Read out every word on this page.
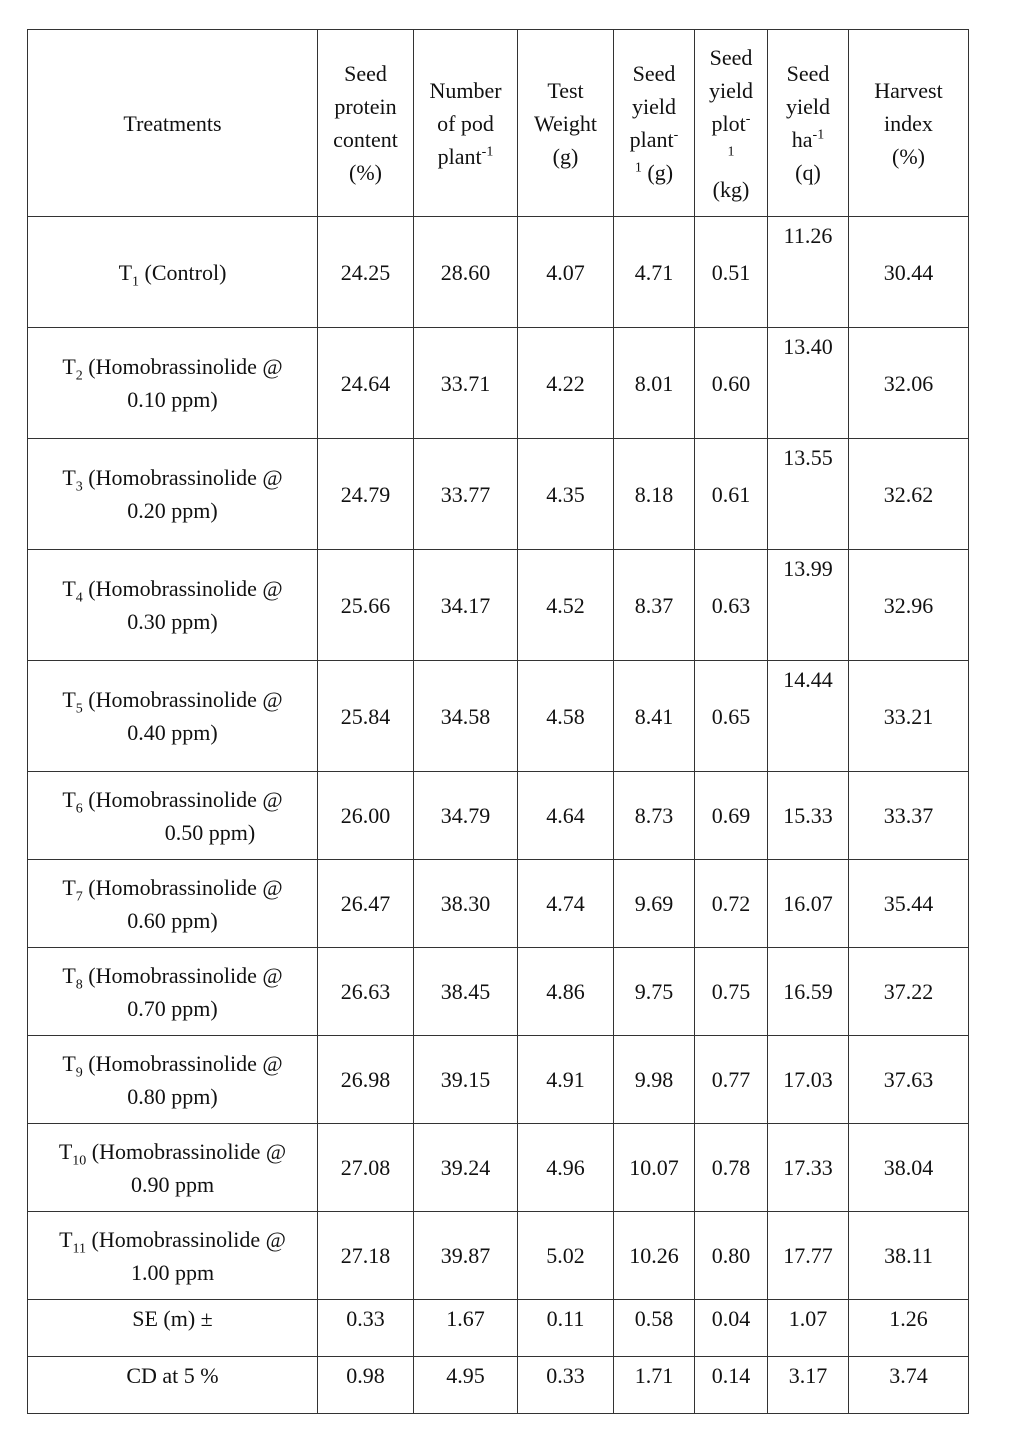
Treatments	Seed
protein
content
(%)	Number
of pod
plant$^{-1}$	Test
Weight
(g)	Seed
yield
plant-
$^1$ (g)	Seed
yield
plot-
$^1$
(kg)	Seed
yield
$ha^{-1}$
(q)	Harvest
index
(%)
$T_1$ (Control)	24.25	28.60	4.07	4.71	0.51	11.26	30.44
$T_2$ (Homobrassinolide @
0.10 ppm)	24.64	33.71	4.22	8.01	0.60	13.40	32.06
$T_3$ (Homobrassinolide @
0.20 ppm)	24.79	33.77	4.35	8.18	0.61	13.55	32.62
$T_4$ (Homobrassinolide @
0.30 ppm)	25.66	34.17	4.52	8.37	0.63	13.99	32.96
$T_5$ (Homobrassinolide @
0.40 ppm)	25.84	34.58	4.58	8.41	0.65	14.44	33.21
$T_6$ (Homobrassinolide @
0.50 ppm)	26.00	34.79	4.64	8.73	0.69	15.33	33.37
$T_7$ (Homobrassinolide @
0.60 ppm)	26.47	38.30	4.74	9.69	0.72	16.07	35.44
$T_8$ (Homobrassinolide @
0.70 ppm)	26.63	38.45	4.86	9.75	0.75	16.59	37.22
$T_9$ (Homobrassinolide @
0.80 ppm)	26.98	39.15	4.91	9.98	0.77	17.03	37.63
$T_{10}$ (Homobrassinolide @
0.90 ppm	27.08	39.24	4.96	10.07	0.78	17.33	38.04
$T_{11}$ (Homobrassinolide @
1.00 ppm	27.18	39.87	5.02	10.26	0.80	17.77	38.11
SE (m) ±	0.33	1.67	0.11	0.58	0.04	1.07	1.26
CD at 5 %	0.98	4.95	0.33	1.71	0.14	3.17	3.74
